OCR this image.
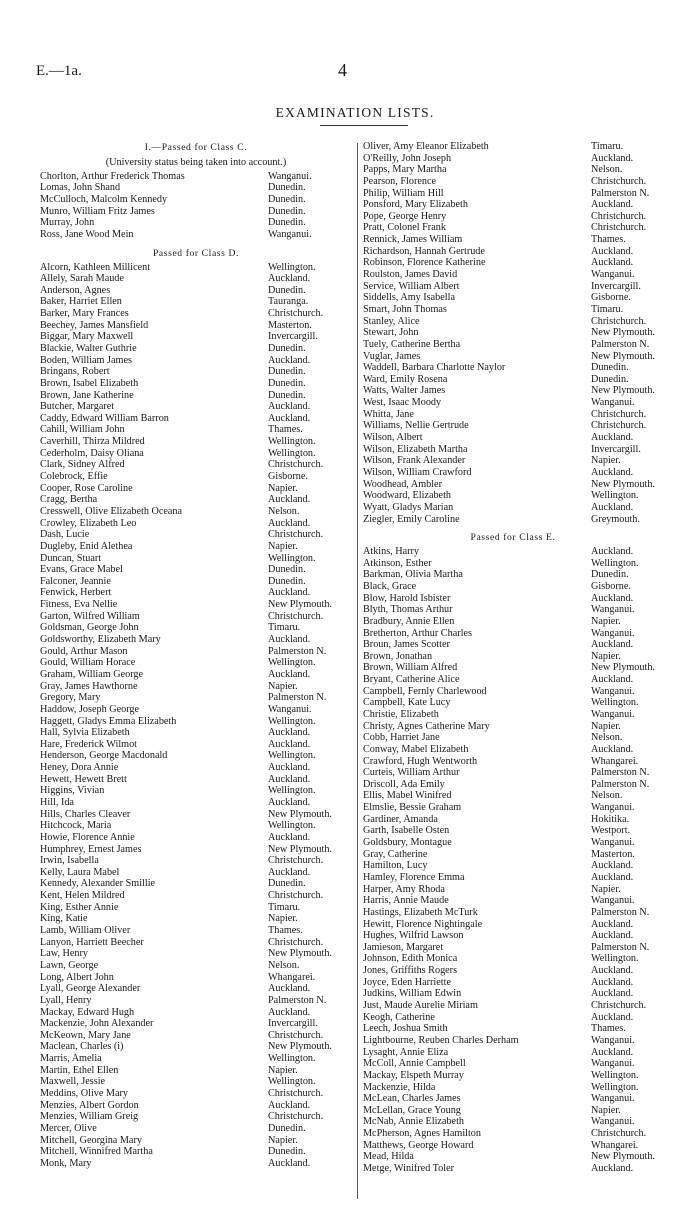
E.—1a.	4
EXAMINATION LISTS.
I.—Passed for Class C.
(University status being taken into account.)
Chorlton, Arthur Frederick Thomas	Wanganui.
Lomas, John Shand	Dunedin.
McCulloch, Malcolm Kennedy	Dunedin.
Munro, William Fritz James	Dunedin.
Murray, John	Dunedin.
Ross, Jane Wood Mein	Wanganui.
Passed for Class D.
Alcorn, Kathleen Millicent	Wellington.
Allely, Sarah Maude	Auckland.
Anderson, Agnes	Dunedin.
Baker, Harriet Ellen	Tauranga.
Barker, Mary Frances	Christchurch.
Beechey, James Mansfield	Masterton.
Biggar, Mary Maxwell	Invercargill.
Blackie, Walter Guthrie	Dunedin.
Boden, William James	Auckland.
Bringans, Robert	Dunedin.
Brown, Isabel Elizabeth	Dunedin.
Brown, Jane Katherine	Dunedin.
Butcher, Margaret	Auckland.
Caddy, Edward William Barron	Auckland.
Cahill, William John	Thames.
Caverhill, Thirza Mildred	Wellington.
Cederholm, Daisy Oliana	Wellington.
Clark, Sidney Alfred	Christchurch.
Colebrock, Effie	Gisborne.
Cooper, Rose Caroline	Napier.
Cragg, Bertha	Auckland.
Cresswell, Olive Elizabeth Oceana	Nelson.
Crowley, Elizabeth Leo	Auckland.
Dash, Lucie	Christchurch.
Dugleby, Enid Alethea	Napier.
Duncan, Stuart	Wellington.
Evans, Grace Mabel	Dunedin.
Falconer, Jeannie	Dunedin.
Fenwick, Herbert	Auckland.
Fitness, Eva Nellie	New Plymouth.
Garton, Wilfred William	Christchurch.
Goldsman, George John	Timaru.
Goldsworthy, Elizabeth Mary	Auckland.
Gould, Arthur Mason	Palmerston N.
Gould, William Horace	Wellington.
Graham, William George	Auckland.
Gray, James Hawthorne	Napier.
Gregory, Mary	Palmerston N.
Haddow, Joseph George	Wanganui.
Haggett, Gladys Emma Elizabeth	Wellington.
Hall, Sylvia Elizabeth	Auckland.
Hare, Frederick Wilmot	Auckland.
Henderson, George Macdonald	Wellington.
Heney, Dora Annie	Auckland.
Hewett, Hewett Brett	Auckland.
Higgins, Vivian	Wellington.
Hill, Ida	Auckland.
Hills, Charles Cleaver	New Plymouth.
Hitchcock, Maria	Wellington.
Howie, Florence Annie	Auckland.
Humphrey, Ernest James	New Plymouth.
Irwin, Isabella	Christchurch.
Kelly, Laura Mabel	Auckland.
Kennedy, Alexander Smillie	Dunedin.
Kent, Helen Mildred	Christchurch.
King, Esther Annie	Timaru.
King, Katie	Napier.
Lamb, William Oliver	Thames.
Lanyon, Harriett Beecher	Christchurch.
Law, Henry	New Plymouth.
Lawn, George	Nelson.
Long, Albert John	Whangarei.
Lyall, George Alexander	Auckland.
Lyall, Henry	Palmerston N.
Mackay, Edward Hugh	Auckland.
Mackenzie, John Alexander	Invercargill.
McKeown, Mary Jane	Christchurch.
Maclean, Charles (i)	New Plymouth.
Marris, Amelia	Wellington.
Martin, Ethel Ellen	Napier.
Maxwell, Jessie	Wellington.
Meddins, Olive Mary	Christchurch.
Menzies, Albert Gordon	Auckland.
Menzies, William Greig	Christchurch.
Mercer, Olive	Dunedin.
Mitchell, Georgina Mary	Napier.
Mitchell, Winnifred Martha	Dunedin.
Monk, Mary	Auckland.
Oliver, Amy Eleanor Elizabeth	Timaru.
O'Reilly, John Joseph	Auckland.
Papps, Mary Martha	Nelson.
Pearson, Florence	Christchurch.
Philip, William Hill	Palmerston N.
Ponsford, Mary Elizabeth	Auckland.
Pope, George Henry	Christchurch.
Pratt, Colonel Frank	Christchurch.
Rennick, James William	Thames.
Richardson, Hannah Gertrude	Auckland.
Robinson, Florence Katherine	Auckland.
Roulston, James David	Wanganui.
Service, William Albert	Invercargill.
Siddells, Amy Isabella	Gisborne.
Smart, John Thomas	Timaru.
Stanley, Alice	Christchurch.
Stewart, John	New Plymouth.
Tuely, Catherine Bertha	Palmerston N.
Vuglar, James	New Plymouth.
Waddell, Barbara Charlotte Naylor	Dunedin.
Ward, Emily Rosena	Dunedin.
Watts, Walter James	New Plymouth.
West, Isaac Moody	Wanganui.
Whitta, Jane	Christchurch.
Williams, Nellie Gertrude	Christchurch.
Wilson, Albert	Auckland.
Wilson, Elizabeth Martha	Invercargill.
Wilson, Frank Alexander	Napier.
Wilson, William Crawford	Auckland.
Woodhead, Ambler	New Plymouth.
Woodward, Elizabeth	Wellington.
Wyatt, Gladys Marian	Auckland.
Ziegler, Emily Caroline	Greymouth.
Passed for Class E.
Atkins, Harry	Auckland.
Atkinson, Esther	Wellington.
Barkman, Olivia Martha	Dunedin.
Black, Grace	Gisborne.
Blow, Harold Isbister	Auckland.
Blyth, Thomas Arthur	Wanganui.
Bradbury, Annie Ellen	Napier.
Bretherton, Arthur Charles	Wanganui.
Broun, James Scotter	Auckland.
Brown, Jonathan	Napier.
Brown, William Alfred	New Plymouth.
Bryant, Catherine Alice	Auckland.
Campbell, Fernly Charlewood	Wanganui.
Campbell, Kate Lucy	Wellington.
Christie, Elizabeth	Wanganui.
Christy, Agnes Catherine Mary	Napier.
Cobb, Harriet Jane	Nelson.
Conway, Mabel Elizabeth	Auckland.
Crawford, Hugh Wentworth	Whangarei.
Curteis, William Arthur	Palmerston N.
Driscoll, Ada Emily	Palmerston N.
Ellis, Mabel Winifred	Nelson.
Elmslie, Bessie Graham	Wanganui.
Gardiner, Amanda	Hokitika.
Garth, Isabelle Osten	Westport.
Goldsbury, Montague	Wanganui.
Gray, Catherine	Masterton.
Hamilton, Lucy	Auckland.
Hamley, Florence Emma	Auckland.
Harper, Amy Rhoda	Napier.
Harris, Annie Maude	Wanganui.
Hastings, Elizabeth McTurk	Palmerston N.
Hewitt, Florence Nightingale	Auckland.
Hughes, Wilfrid Lawson	Auckland.
Jamieson, Margaret	Palmerston N.
Johnson, Edith Monica	Wellington.
Jones, Griffiths Rogers	Auckland.
Joyce, Eden Harriette	Auckland.
Judkins, William Edwin	Auckland.
Just, Maude Aurelie Miriam	Christchurch.
Keogh, Catherine	Auckland.
Leech, Joshua Smith	Thames.
Lightbourne, Reuben Charles Derham	Wanganui.
Lysaght, Annie Eliza	Auckland.
McColl, Annie Campbell	Wanganui.
Mackay, Elspeth Murray	Wellington.
Mackenzie, Hilda	Wellington.
McLean, Charles James	Wanganui.
McLellan, Grace Young	Napier.
McNab, Annie Elizabeth	Wanganui.
McPherson, Agnes Hamilton	Christchurch.
Matthews, George Howard	Whangarei.
Mead, Hilda	New Plymouth.
Metge, Winifred Toler	Auckland.
